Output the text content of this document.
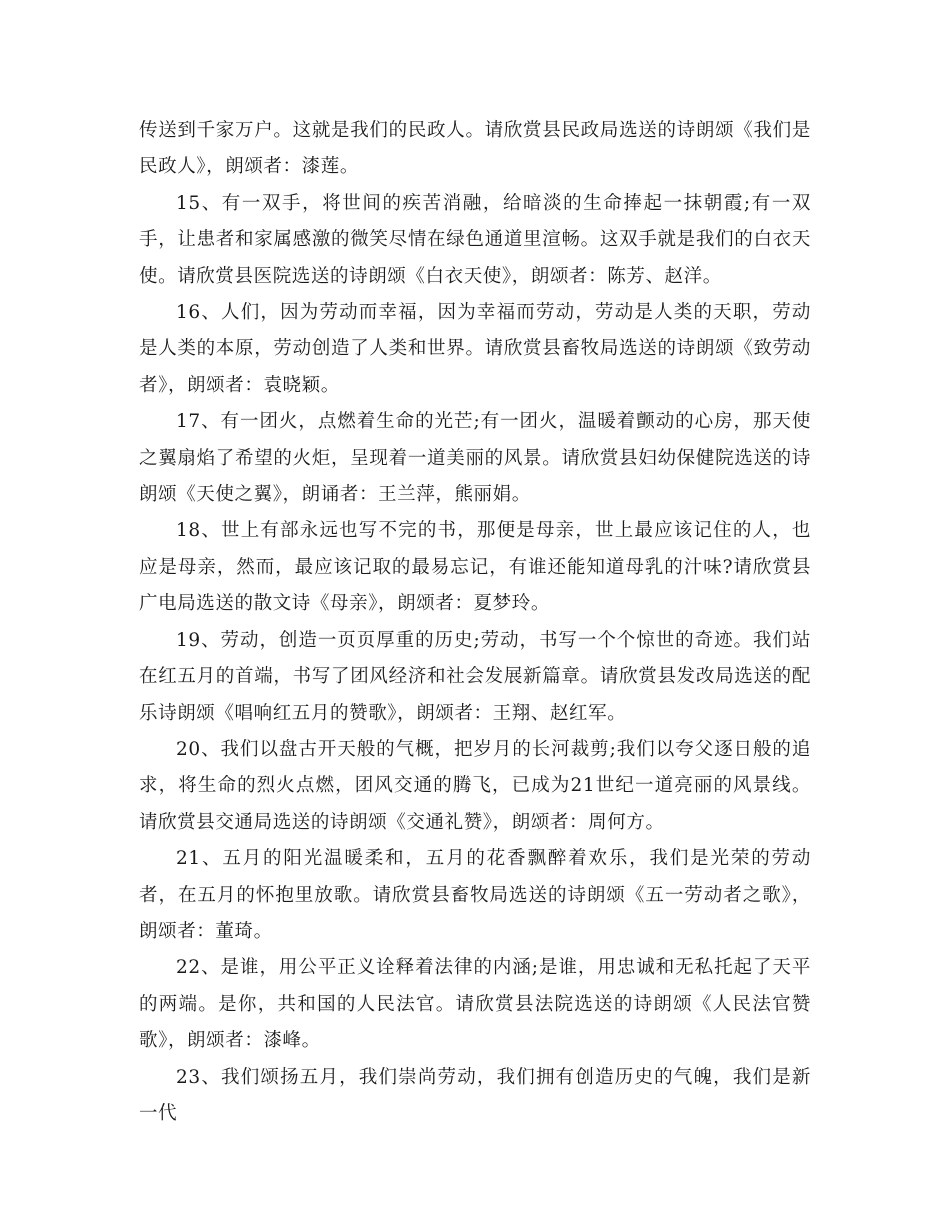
传送到千家万户。这就是我们的民政人。请欣赏县民政局选送的诗朗颂《我们是民政人》，朗颂者：漆莲。

15、有一双手，将世间的疾苦消融，给暗淡的生命捧起一抹朝霞;有一双手，让患者和家属感激的微笑尽情在绿色通道里渲畅。这双手就是我们的白衣天使。请欣赏县医院选送的诗朗颂《白衣天使》，朗颂者：陈芳、赵洋。

16、人们，因为劳动而幸福，因为幸福而劳动，劳动是人类的天职，劳动是人类的本原，劳动创造了人类和世界。请欣赏县畜牧局选送的诗朗颂《致劳动者》，朗颂者：袁晓颖。

17、有一团火，点燃着生命的光芒;有一团火，温暖着颤动的心房，那天使之翼扇焰了希望的火炬，呈现着一道美丽的风景。请欣赏县妇幼保健院选送的诗朗颂《天使之翼》，朗诵者：王兰萍，熊丽娟。

18、世上有部永远也写不完的书，那便是母亲，世上最应该记住的人，也应是母亲，然而，最应该记取的最易忘记，有谁还能知道母乳的汁味?请欣赏县广电局选送的散文诗《母亲》，朗颂者：夏梦玲。

19、劳动，创造一页页厚重的历史;劳动，书写一个个惊世的奇迹。我们站在红五月的首端，书写了团风经济和社会发展新篇章。请欣赏县发改局选送的配乐诗朗颂《唱响红五月的赞歌》，朗颂者：王翔、赵红军。

20、我们以盘古开天般的气概，把岁月的长河裁剪;我们以夸父逐日般的追求，将生命的烈火点燃，团风交通的腾飞，已成为21世纪一道亮丽的风景线。请欣赏县交通局选送的诗朗颂《交通礼赞》，朗颂者：周何方。

21、五月的阳光温暖柔和，五月的花香飘醉着欢乐，我们是光荣的劳动者，在五月的怀抱里放歌。请欣赏县畜牧局选送的诗朗颂《五一劳动者之歌》，朗颂者：董琦。

22、是谁，用公平正义诠释着法律的内涵;是谁，用忠诚和无私托起了天平的两端。是你，共和国的人民法官。请欣赏县法院选送的诗朗颂《人民法官赞歌》，朗颂者：漆峰。

23、我们颂扬五月，我们崇尚劳动，我们拥有创造历史的气魄，我们是新一代
